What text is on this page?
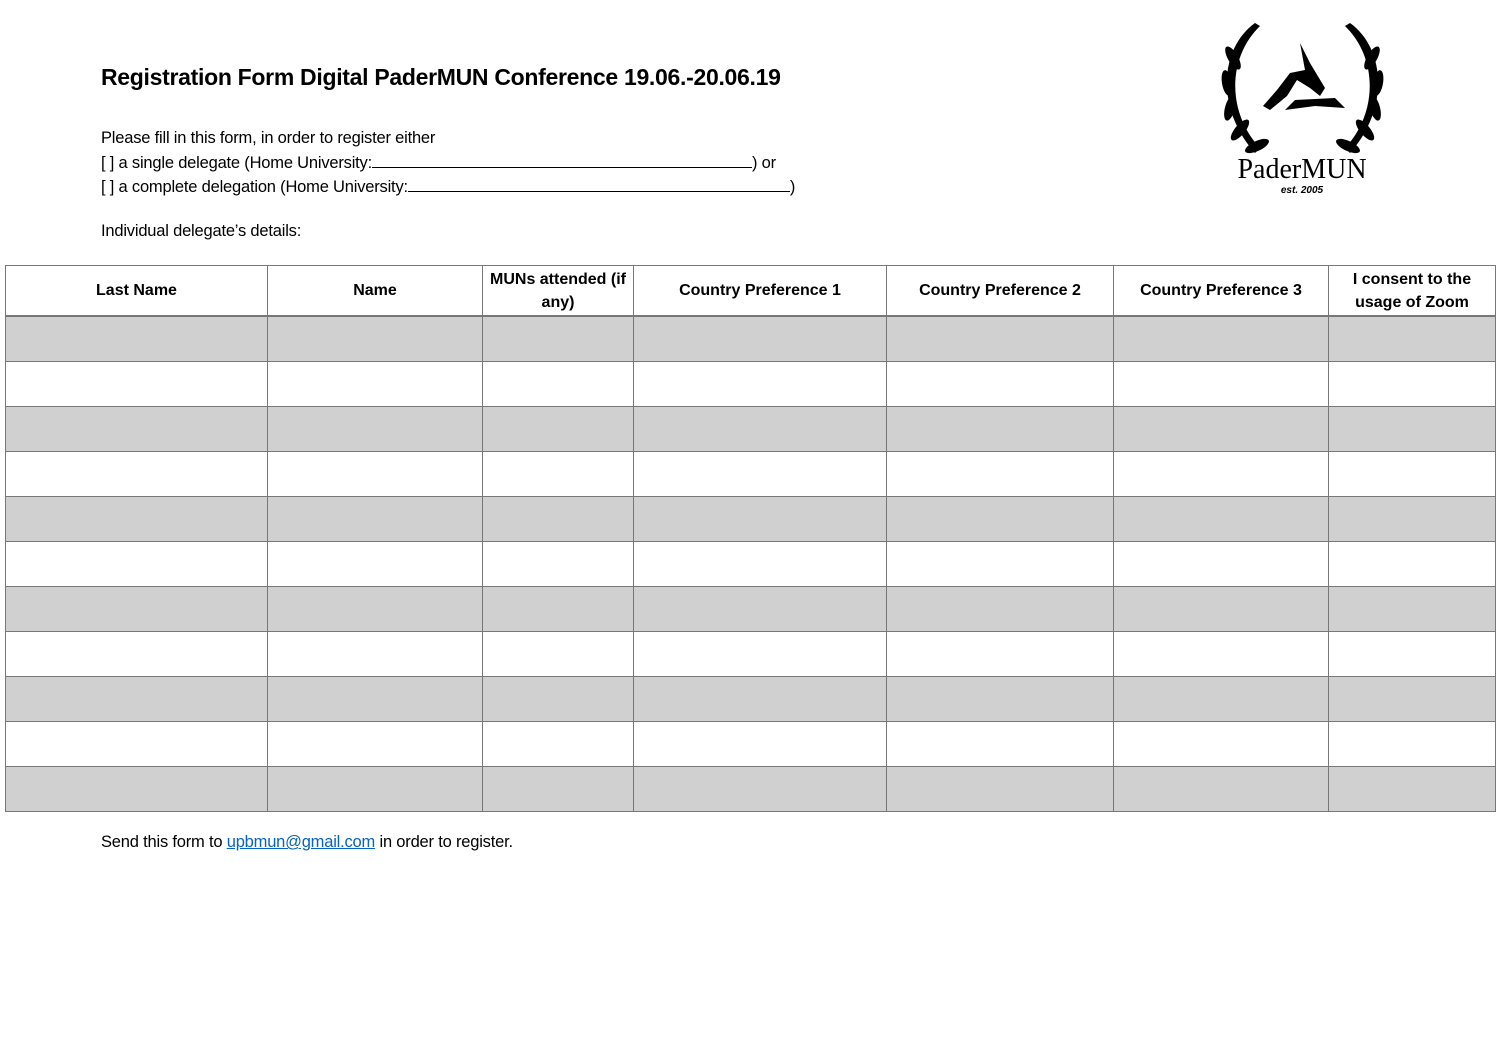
Registration Form Digital PaderMUN Conference 19.06.-20.06.19
Please fill in this form, in order to register either
[ ] a single delegate (Home University:	) or
[ ] a complete delegation (Home University:	)
Individual delegate’s details:
PaderMUN
est. 2005
Last Name	Name	MUNs attended (if any)	Country Preference 1	Country Preference 2	Country Preference 3	I consent to the usage of Zoom

Send this form to upbmun@gmail.com in order to register.
